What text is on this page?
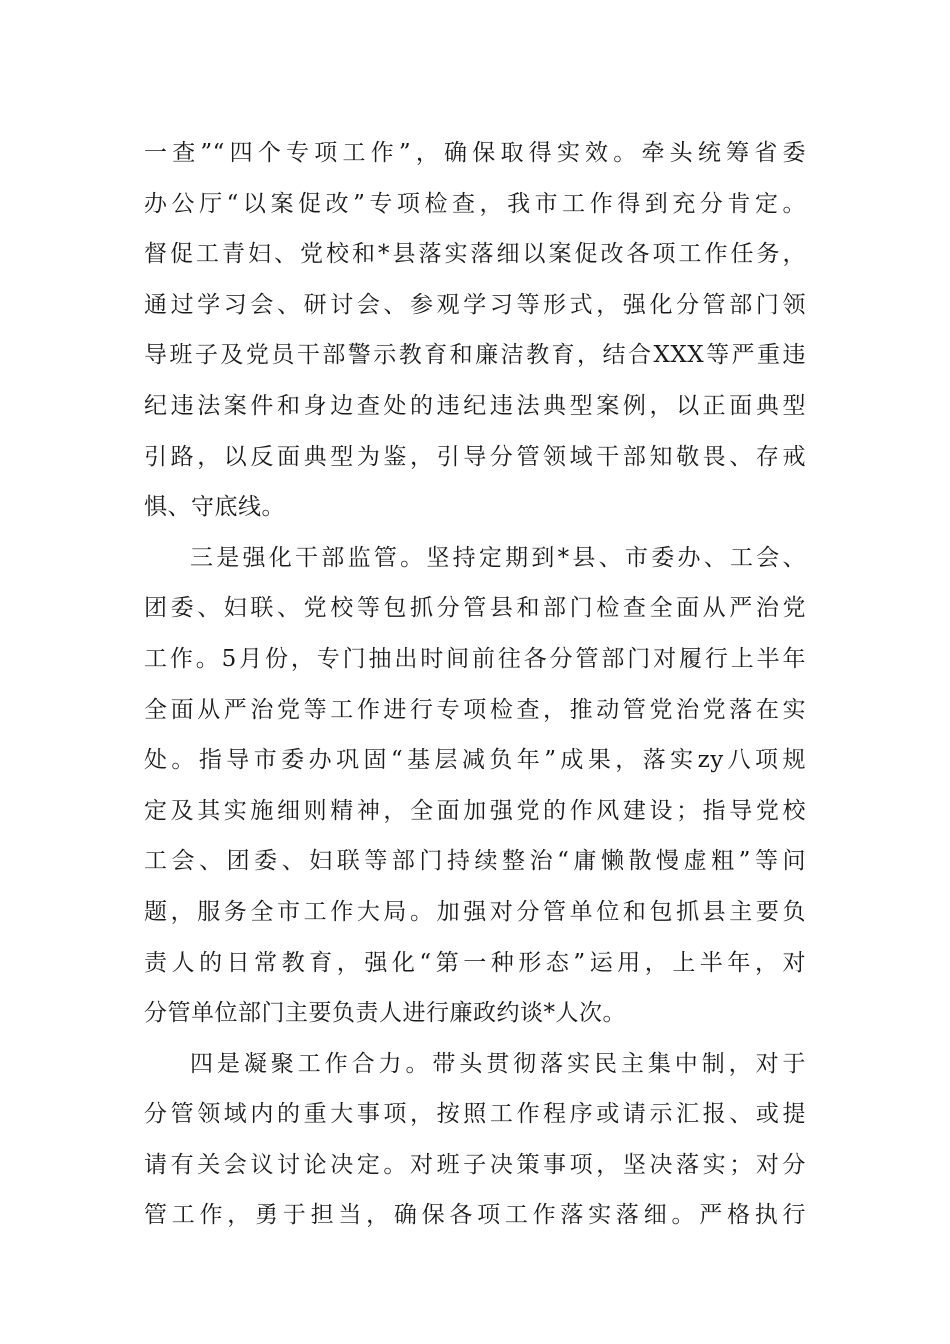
一查”“四个专项工作”，确保取得实效。牵头统筹省委
办公厅“以案促改”专项检查，我市工作得到充分肯定。
督促工青妇、党校和*县落实落细以案促改各项工作任务，
通过学习会、研讨会、参观学习等形式，强化分管部门领
导班子及党员干部警示教育和廉洁教育，结合XXX等严重违
纪违法案件和身边查处的违纪违法典型案例，以正面典型
引路，以反面典型为鉴，引导分管领域干部知敬畏、存戒
惧、守底线。
三是强化干部监管。坚持定期到*县、市委办、工会、
团委、妇联、党校等包抓分管县和部门检查全面从严治党
工作。5月份，专门抽出时间前往各分管部门对履行上半年
全面从严治党等工作进行专项检查，推动管党治党落在实
处。指导市委办巩固“基层减负年”成果，落实zy八项规
定及其实施细则精神，全面加强党的作风建设；指导党校
工会、团委、妇联等部门持续整治“庸懒散慢虚粗”等问
题，服务全市工作大局。加强对分管单位和包抓县主要负
责人的日常教育，强化“第一种形态”运用，上半年，对
分管单位部门主要负责人进行廉政约谈*人次。
四是凝聚工作合力。带头贯彻落实民主集中制，对于
分管领域内的重大事项，按照工作程序或请示汇报、或提
请有关会议讨论决定。对班子决策事项，坚决落实；对分
管工作，勇于担当，确保各项工作落实落细。严格执行
